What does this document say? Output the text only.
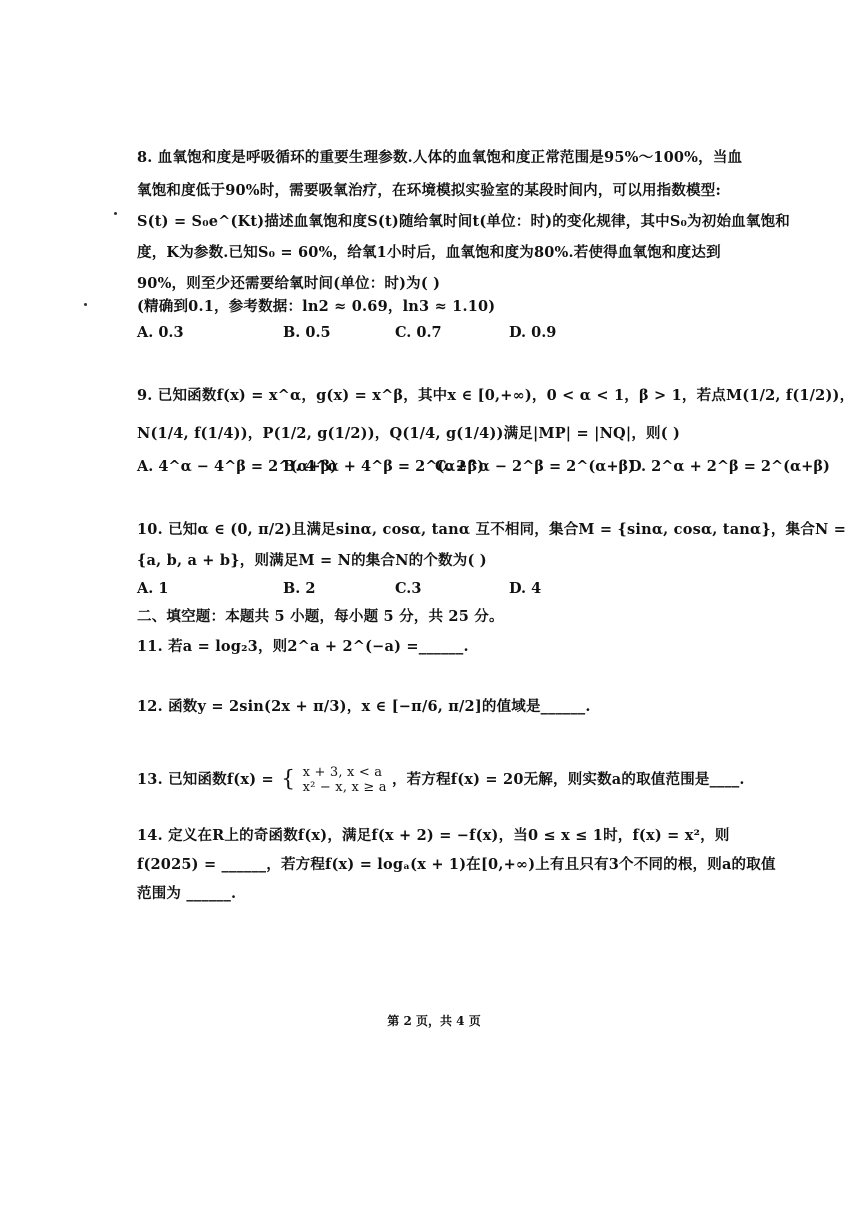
8. 血氧饱和度是呼吸循环的重要生理参数.人体的血氧饱和度正常范围是95%～100%，当血
氧饱和度低于90%时，需要吸氧治疗，在环境模拟实验室的某段时间内，可以用指数模型:
S(t) = S₀e^(Kt)描述血氧饱和度S(t)随给氧时间t(单位：时)的变化规律，其中S₀为初始血氧饱和
度，K为参数.已知S₀ = 60%，给氧1小时后，血氧饱和度为80%.若使得血氧饱和度达到
90%，则至少还需要给氧时间(单位：时)为( )
(精确到0.1，参考数据：ln2 ≈ 0.69，ln3 ≈ 1.10)
A. 0.3	B. 0.5	C. 0.7	D. 0.9
9. 已知函数f(x) = x^α，g(x) = x^β，其中x ∈ [0,+∞)，0 < α < 1，β > 1，若点M(1/2, f(1/2))，
N(1/4, f(1/4))，P(1/2, g(1/2))，Q(1/4, g(1/4))满足|MP| = |NQ|，则( )
A. 4^α − 4^β = 2^(α+β)
B. 4^α + 4^β = 2^(α+β)
C. 2^α − 2^β = 2^(α+β)
D. 2^α + 2^β = 2^(α+β)
10. 已知α ∈ (0, π/2)且满足sinα, cosα, tanα 互不相同，集合M = {sinα, cosα, tanα}，集合N =
{a, b, a + b}，则满足M = N的集合N的个数为( )
A. 1	B. 2	C.3	D. 4
二、填空题：本题共 5 小题，每小题 5 分，共 25 分。
11. 若a = log₂3，则2^a + 2^(−a) =______.
12. 函数y = 2sin(2x + π/3)，x ∈ [−π/6, π/2]的值域是______.
13. 已知函数f(x) = { x + 3, x < a
x² − x, x ≥ a ，若方程f(x) = 20无解，则实数a的取值范围是____.
14. 定义在R上的奇函数f(x)，满足f(x + 2) = −f(x)，当0 ≤ x ≤ 1时，f(x) = x²，则
f(2025) = ______，若方程f(x) = logₐ(x + 1)在[0,+∞)上有且只有3个不同的根，则a的取值
范围为 ______.
第 2 页，共 4 页
